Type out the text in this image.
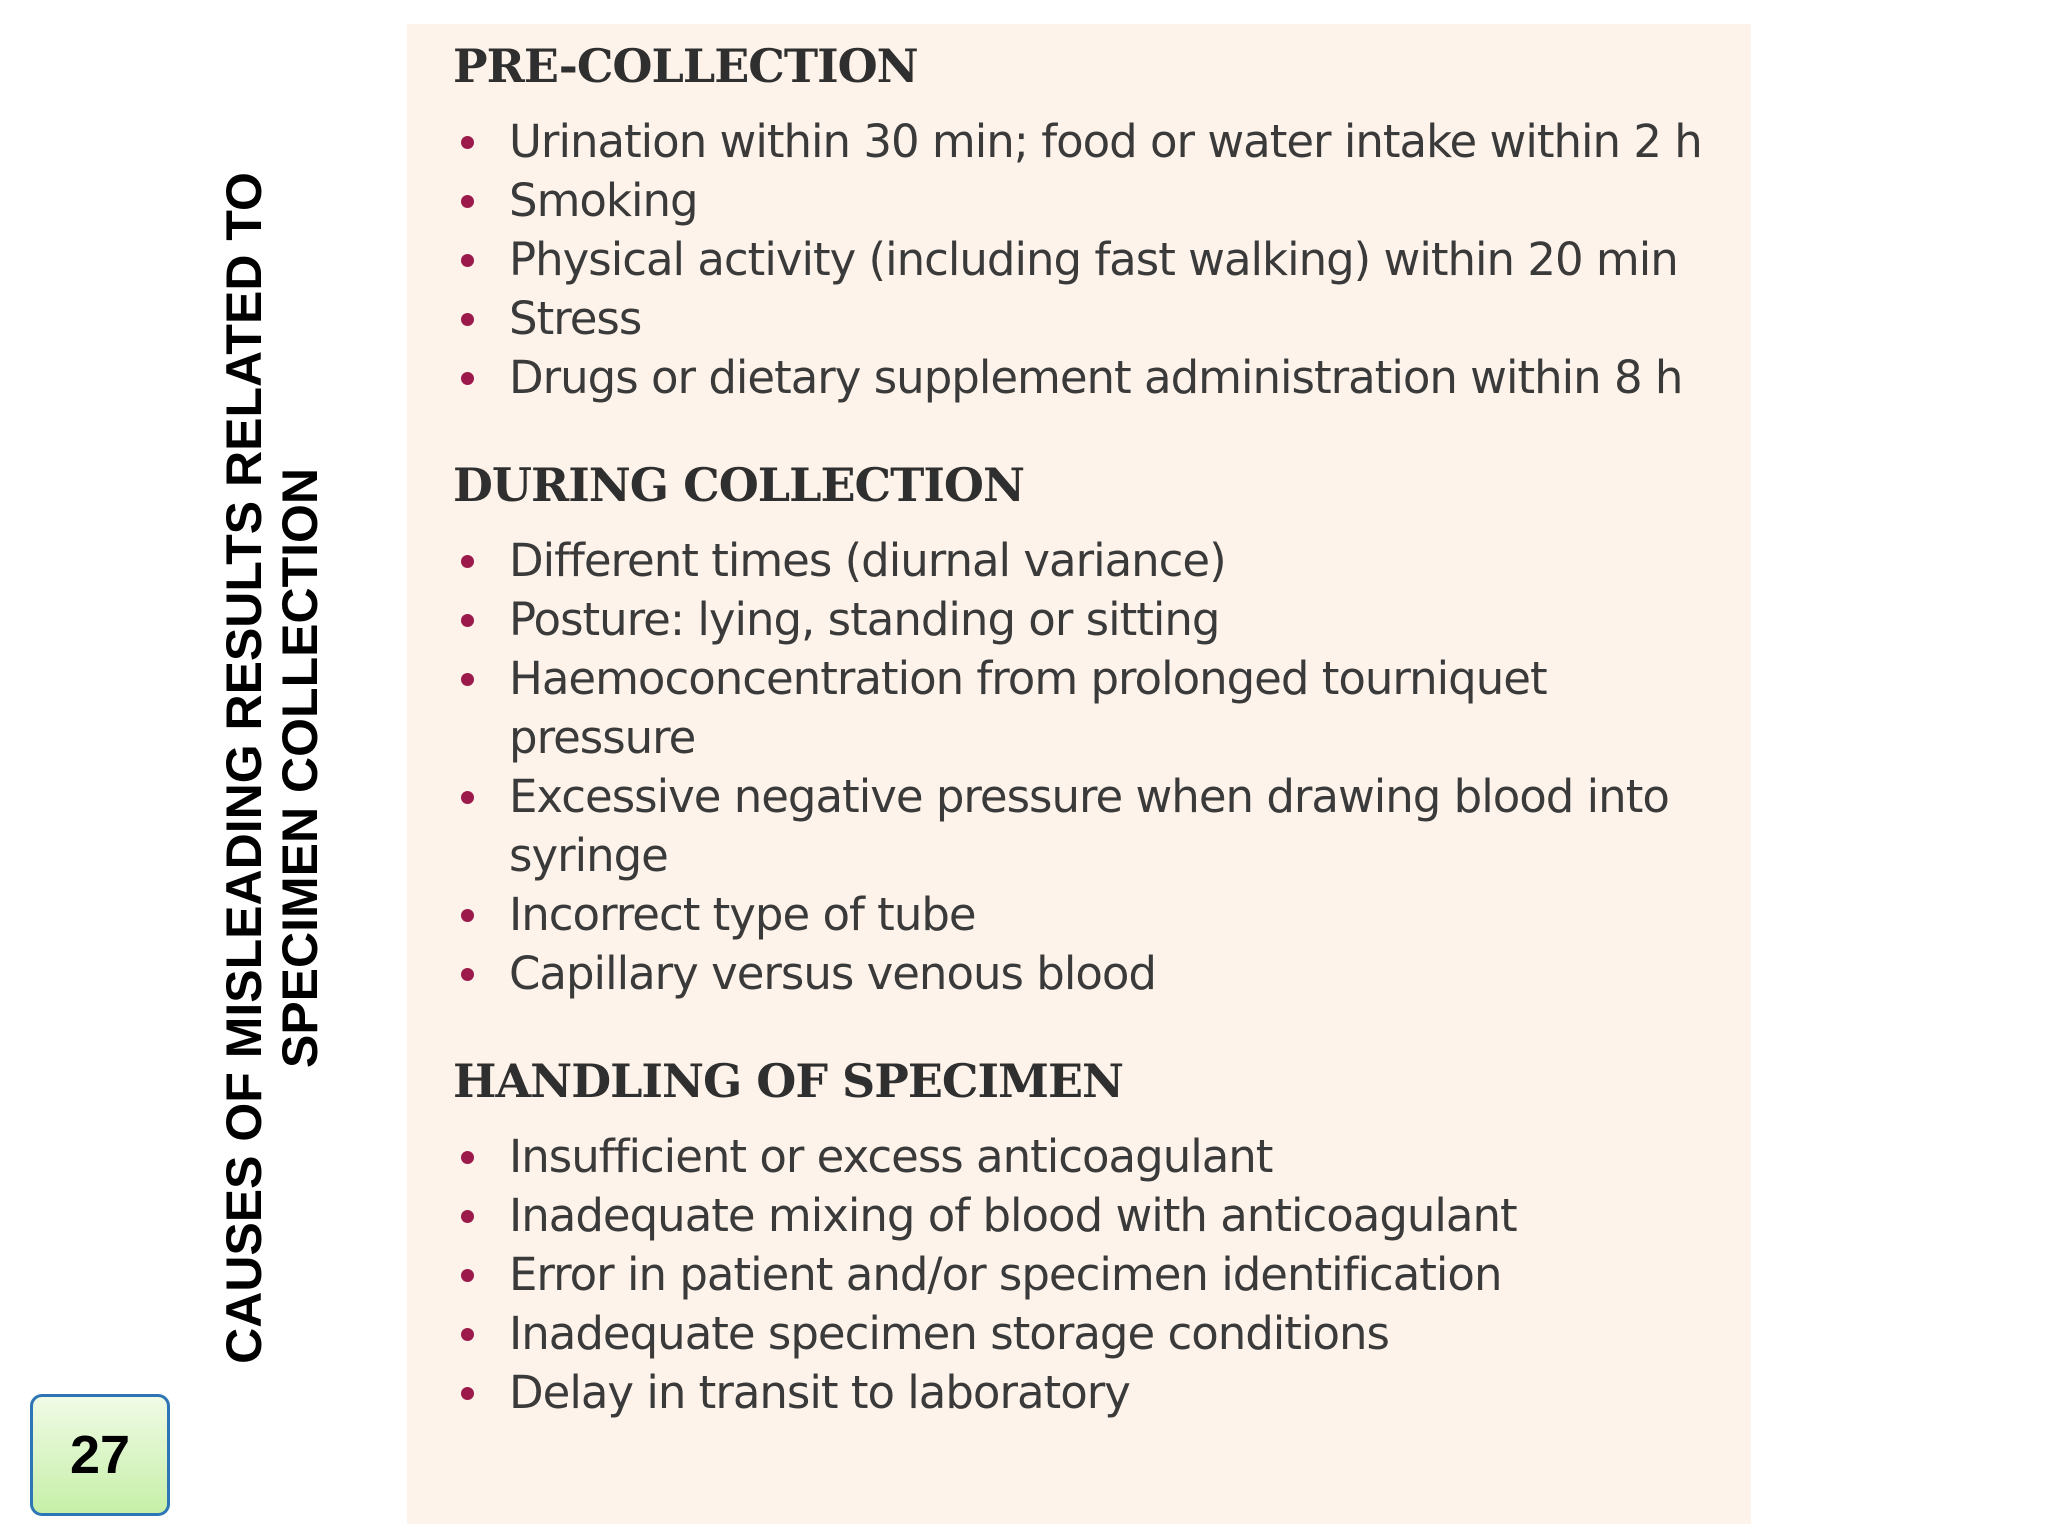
CAUSES OF MISLEADING RESULTS RELATED TO SPECIMEN COLLECTION
27
PRE-COLLECTION
Urination within 30 min; food or water intake within 2 h
Smoking
Physical activity (including fast walking) within 20 min
Stress
Drugs or dietary supplement administration within 8 h
DURING COLLECTION
Different times (diurnal variance)
Posture: lying, standing or sitting
Haemoconcentration from prolonged tourniquet pressure
Excessive negative pressure when drawing blood into syringe
Incorrect type of tube
Capillary versus venous blood
HANDLING OF SPECIMEN
Insufficient or excess anticoagulant
Inadequate mixing of blood with anticoagulant
Error in patient and/or specimen identification
Inadequate specimen storage conditions
Delay in transit to laboratory
